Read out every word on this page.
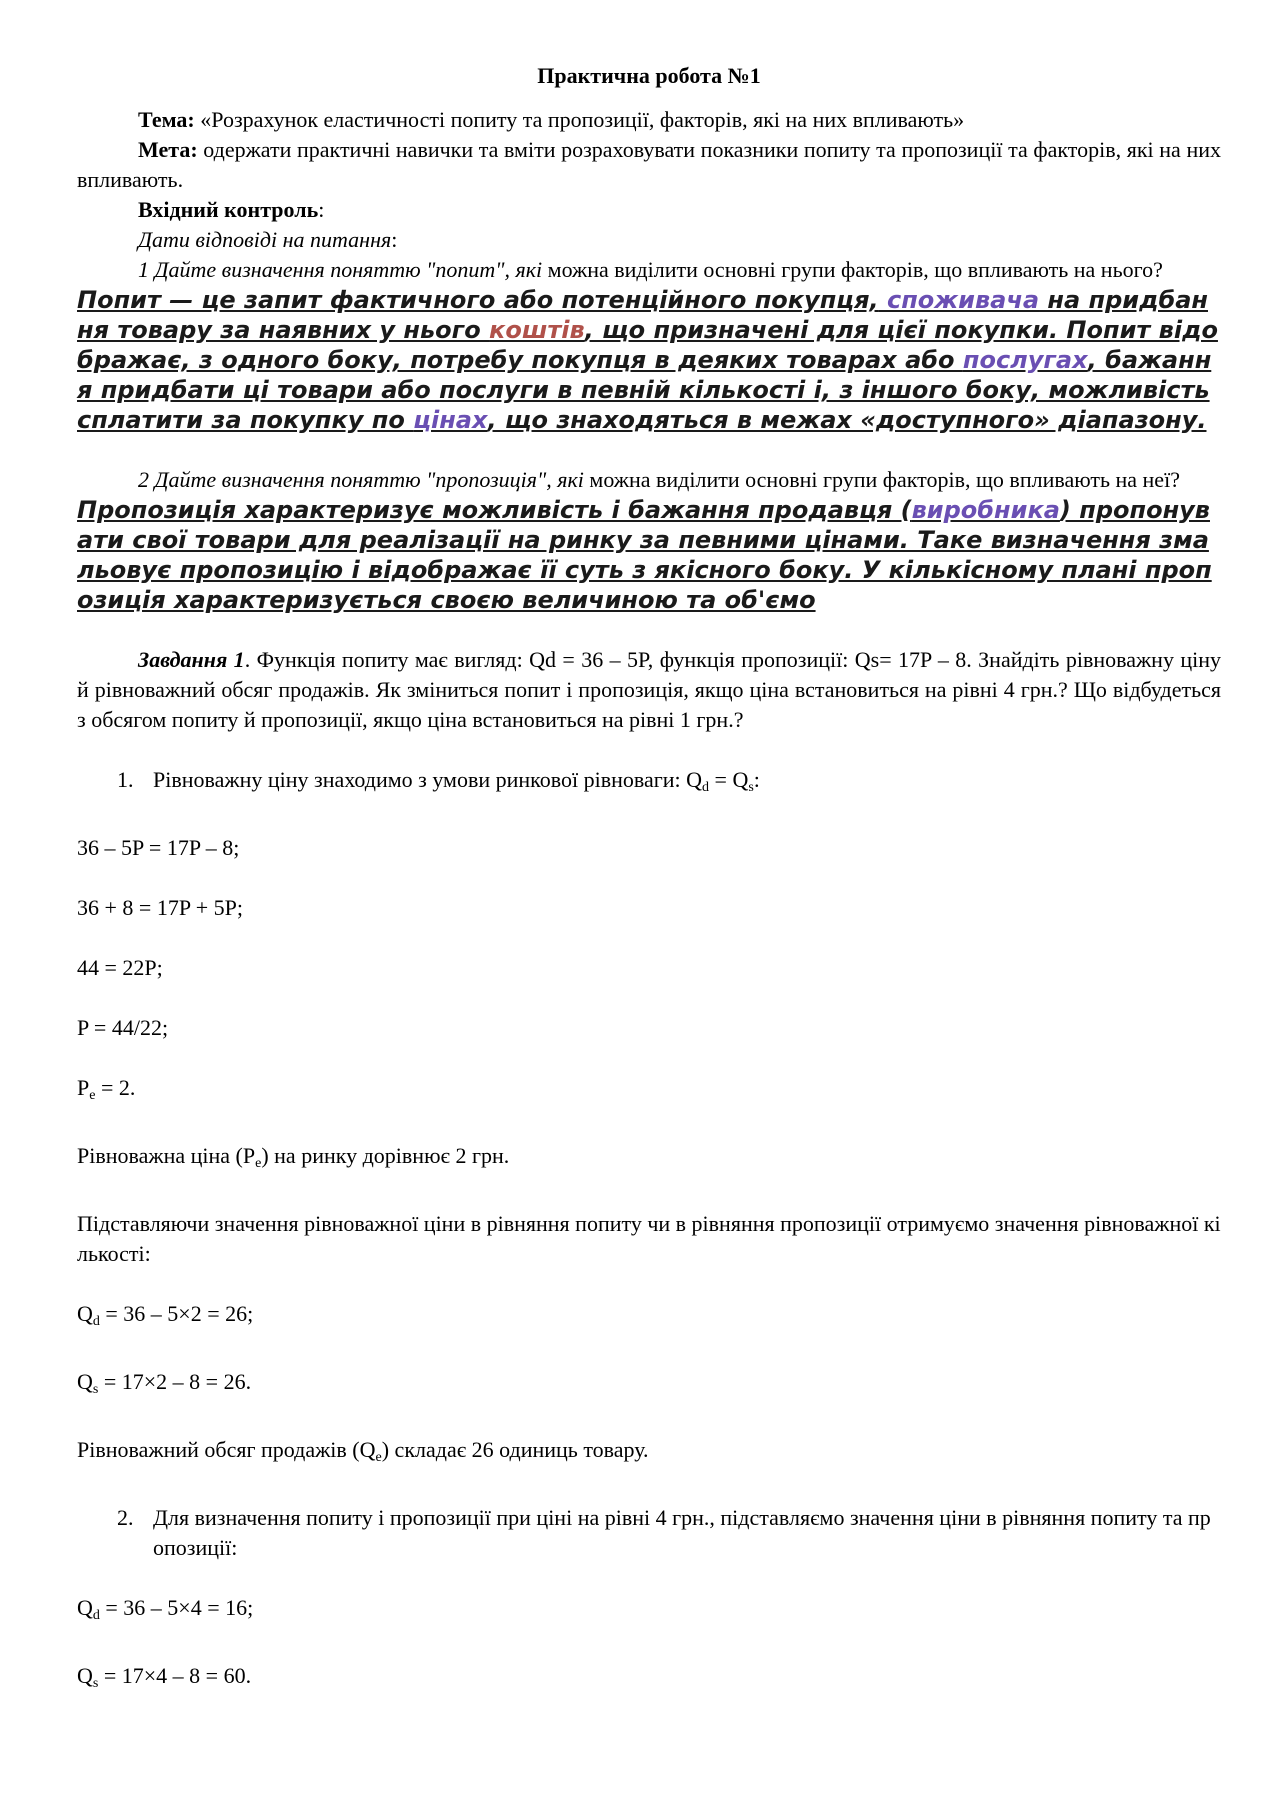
Практична робота №1

Тема: «Розрахунок еластичності попиту та пропозиції, факторів, які на них впливають»

Мета: одержати практичні навички та вміти розраховувати показники попиту та пропозиції та факторів, які на них впливають.

Вхідний контроль:

Дати відповіді на питання:

1 Дайте визначення поняттю "попит", які можна виділити основні групи факторів, що впливають на нього?

Попит — це запит фактичного або потенційного покупця, споживача на придбання товару за наявних у нього коштів, що призначені для цієї покупки. Попит відображає, з одного боку, потребу покупця в деяких товарах або послугах, бажання придбати ці товари або послуги в певній кількості і, з іншого боку, можливість сплатити за покупку по цінах, що знаходяться в межах «доступного» діапазону.

2 Дайте визначення поняттю "пропозиція", які можна виділити основні групи факторів, що впливають на неї?

Пропозиція характеризує можливість і бажання продавця (виробника) пропонувати свої товари для реалізації на ринку за певними цінами. Таке визначення змальовує пропозицію і відображає її суть з якісного боку. У кількісному плані пропозиція характеризується своєю величиною та об'ємо

Завдання 1. Функція попиту має вигляд: Qd = 36 – 5P, функція пропозиції: Qs= 17P – 8. Знайдіть рівноважну ціну й рівноважний обсяг продажів. Як зміниться попит і пропозиція, якщо ціна встановиться на рівні 4 грн.? Що відбудеться з обсягом попиту й пропозиції, якщо ціна встановиться на рівні 1 грн.?

1. Рівноважну ціну знаходимо з умови ринкової рівноваги: $Q_d = Q_s$:

36 – 5P = 17P – 8;

36 + 8 = 17P + 5P;

44 = 22P;

P = 44/22;

$P_e = 2$.

Рівноважна ціна $(P_e)$ на ринку дорівнює 2 грн.

Підставляючи значення рівноважної ціни в рівняння попиту чи в рівняння пропозиції отримуємо значення рівноважної кількості:

$Q_d = 36 - 5\times 2 = 26$;

$Q_s = 17\times 2 - 8 = 26$.

Рівноважний обсяг продажів $(Q_e)$ складає 26 одиниць товару.

2. Для визначення попиту і пропозиції при ціні на рівні 4 грн., підставляємо значення ціни в рівняння попиту та пропозиції:

$Q_d = 36 - 5\times 4 = 16$;

$Q_s = 17\times 4 - 8 = 60$.
